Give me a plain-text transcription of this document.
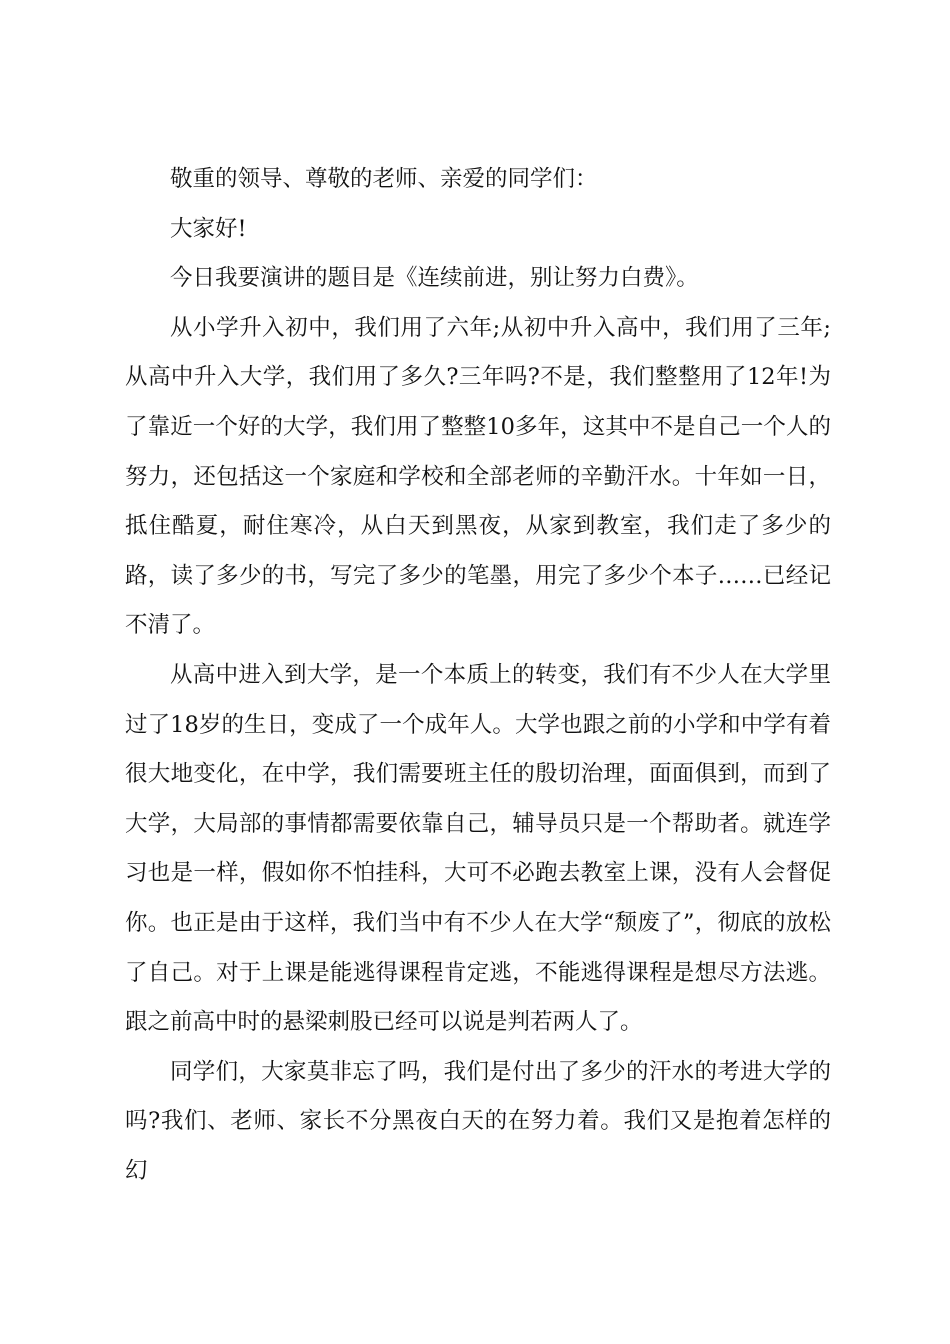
敬重的领导、尊敬的老师、亲爱的同学们：

大家好!

今日我要演讲的题目是《连续前进，别让努力白费》。

从小学升入初中，我们用了六年;从初中升入高中，我们用了三年;从高中升入大学，我们用了多久?三年吗?不是，我们整整用了12年!为了靠近一个好的大学，我们用了整整10多年，这其中不是自己一个人的努力，还包括这一个家庭和学校和全部老师的辛勤汗水。十年如一日，抵住酷夏，耐住寒冷，从白天到黑夜，从家到教室，我们走了多少的路，读了多少的书，写完了多少的笔墨，用完了多少个本子……已经记不清了。

从高中进入到大学，是一个本质上的转变，我们有不少人在大学里过了18岁的生日，变成了一个成年人。大学也跟之前的小学和中学有着很大地变化，在中学，我们需要班主任的殷切治理，面面俱到，而到了大学，大局部的事情都需要依靠自己，辅导员只是一个帮助者。就连学习也是一样，假如你不怕挂科，大可不必跑去教室上课，没有人会督促你。也正是由于这样，我们当中有不少人在大学“颓废了”，彻底的放松了自己。对于上课是能逃得课程肯定逃，不能逃得课程是想尽方法逃。跟之前高中时的悬梁刺股已经可以说是判若两人了。

同学们，大家莫非忘了吗，我们是付出了多少的汗水的考进大学的吗?我们、老师、家长不分黑夜白天的在努力着。我们又是抱着怎样的幻
